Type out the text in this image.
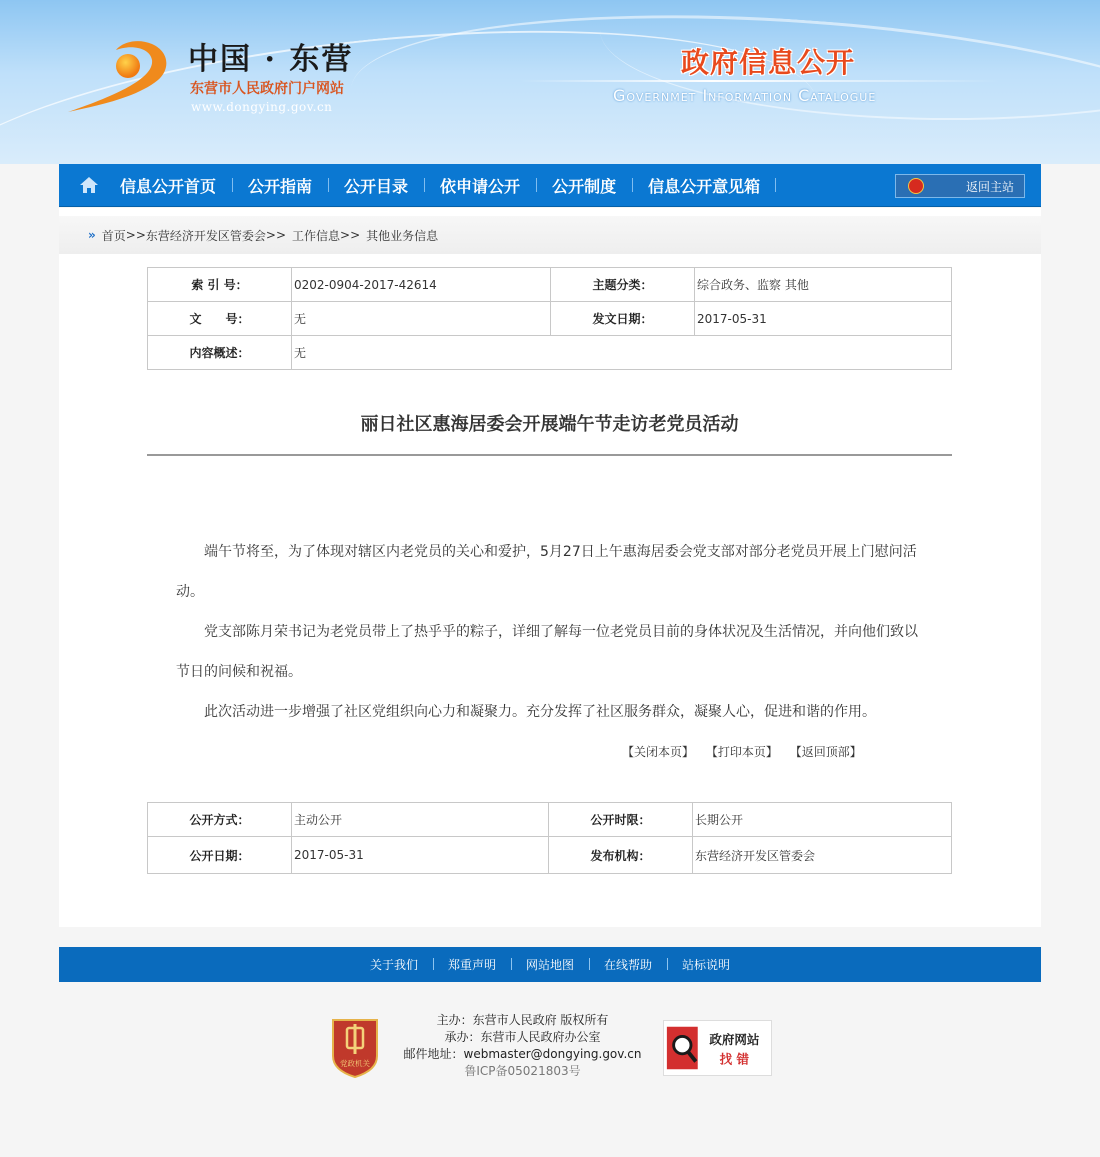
中国 · 东营
东营市人民政府门户网站
www.dongying.gov.cn
政府信息公开
Governmet Information Catalogue
信息公开首页	公开指南	公开目录	依申请公开	公开制度	信息公开意见箱	返回主站
» 首页 >> 东营经济开发区管委会 >> 工作信息 >> 其他业务信息
索 引 号：	0202-0904-2017-42614	主题分类：	综合政务、监察 其他
文　　号：	无	发文日期：	2017-05-31
内容概述：	无		
丽日社区惠海居委会开展端午节走访老党员活动

端午节将至，为了体现对辖区内老党员的关心和爱护，5月27日上午惠海居委会党支部对部分老党员开展上门慰问活动。

党支部陈月荣书记为老党员带上了热乎乎的粽子，详细了解每一位老党员目前的身体状况及生活情况，并向他们致以节日的问候和祝福。

此次活动进一步增强了社区党组织向心力和凝聚力。充分发挥了社区服务群众，凝聚人心，促进和谐的作用。

【关闭本页】 【打印本页】 【返回顶部】
公开方式：	主动公开	公开时限：	长期公开
公开日期：	2017-05-31	发布机构：	东营经济开发区管委会
关于我们	郑重声明	网站地图	在线帮助	站标说明
党政机关
主办：东营市人民政府 版权所有
承办：东营市人民政府办公室
邮件地址：webmaster@dongying.gov.cn
鲁ICP备05021803号
政府网站
找 错
